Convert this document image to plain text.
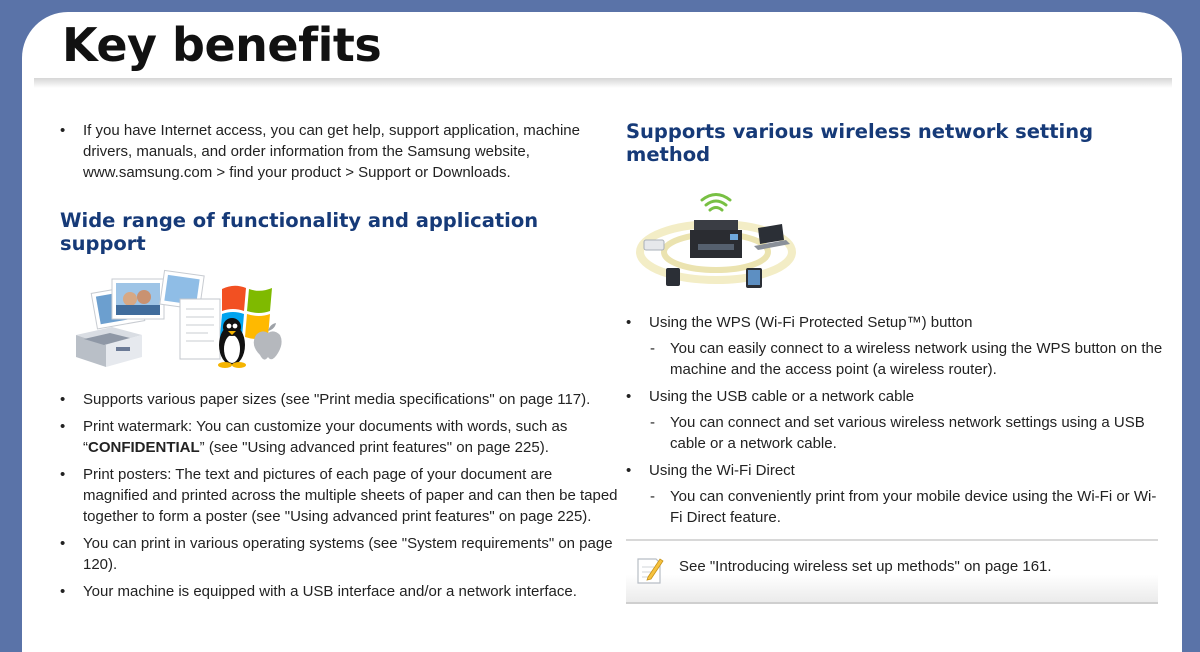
Key benefits
• If you have Internet access, you can get help, support application, machine drivers, manuals, and order information from the Samsung website, www.samsung.com > find your product > Support or Downloads.
Wide range of functionality and application support
• Supports various paper sizes (see "Print media specifications" on page 117).
• Print watermark: You can customize your documents with words, such as “CONFIDENTIAL” (see "Using advanced print features" on page 225).
• Print posters: The text and pictures of each page of your document are magnified and printed across the multiple sheets of paper and can then be taped together to form a poster (see "Using advanced print features" on page 225).
• You can print in various operating systems (see "System requirements" on page 120).
• Your machine is equipped with a USB interface and/or a network interface.
Supports various wireless network setting method
• Using the WPS (Wi-Fi Protected Setup™) button
- You can easily connect to a wireless network using the WPS button on the machine and the access point (a wireless router).
• Using the USB cable or a network cable
- You can connect and set various wireless network settings using a USB cable or a network cable.
• Using the Wi-Fi Direct
- You can conveniently print from your mobile device using the Wi-Fi or Wi-Fi Direct feature.
See "Introducing wireless set up methods" on page 161.
